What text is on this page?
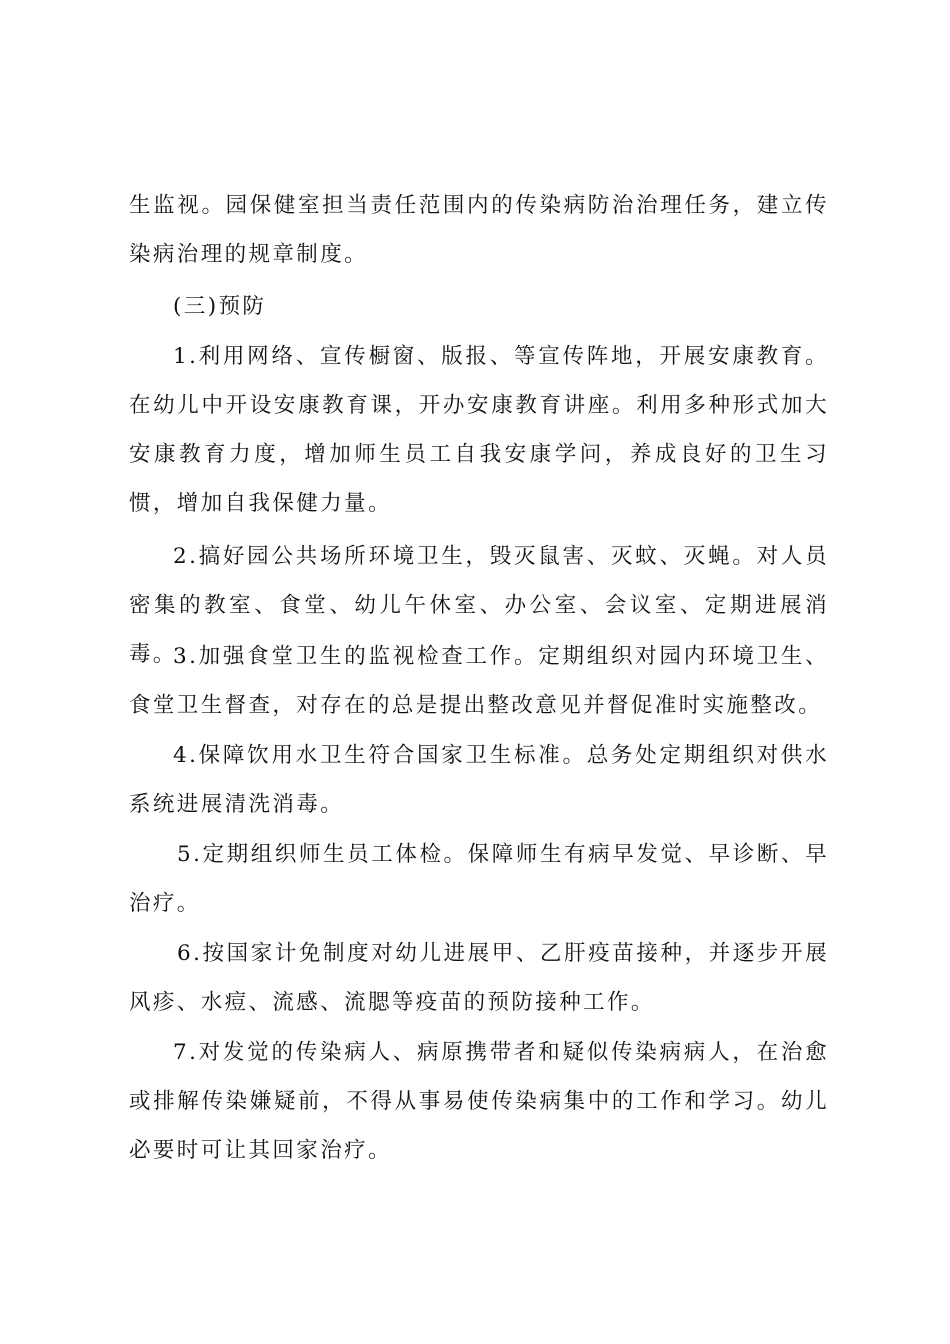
生监视。园保健室担当责任范围内的传染病防治治理任务，建立传染病治理的规章制度。

(三)预防

1.利用网络、宣传橱窗、版报、等宣传阵地，开展安康教育。在幼儿中开设安康教育课，开办安康教育讲座。利用多种形式加大安康教育力度，增加师生员工自我安康学问，养成良好的卫生习惯，增加自我保健力量。

2.搞好园公共场所环境卫生，毁灭鼠害、灭蚊、灭蝇。对人员密集的教室、食堂、幼儿午休室、办公室、会议室、定期进展消毒。

3.加强食堂卫生的监视检查工作。定期组织对园内环境卫生、食堂卫生督查，对存在的总是提出整改意见并督促准时实施整改。

4.保障饮用水卫生符合国家卫生标准。总务处定期组织对供水系统进展清洗消毒。

5.定期组织师生员工体检。保障师生有病早发觉、早诊断、早治疗。

6.按国家计免制度对幼儿进展甲、乙肝疫苗接种，并逐步开展风疹、水痘、流感、流腮等疫苗的预防接种工作。

7.对发觉的传染病人、病原携带者和疑似传染病病人，在治愈或排解传染嫌疑前，不得从事易使传染病集中的工作和学习。幼儿必要时可让其回家治疗。
